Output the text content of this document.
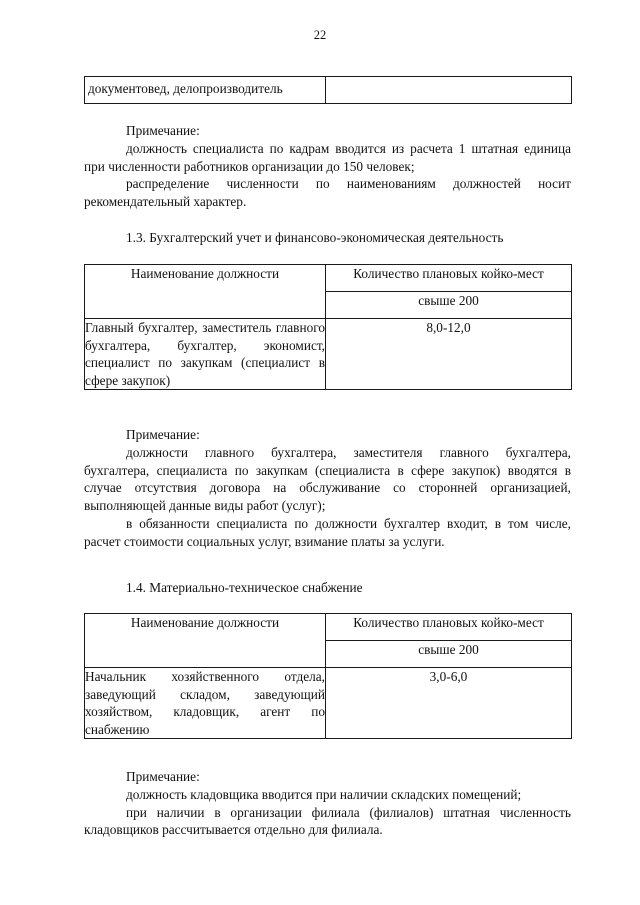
22
документовед, делопроизводитель	

Примечание:

должность специалиста по кадрам вводится из расчета 1 штатная единица при численности работников организации до 150 человек;

распределение численности по наименованиям должностей носит рекомендательный характер.

1.3. Бухгалтерский учет и финансово-экономическая деятельность
Наименование должности	Количество плановых койко-мест
	свыше 200
Главный бухгалтер, заместитель главного бухгалтера, бухгалтер, экономист, специалист по закупкам (специалист в сфере закупок)	8,0-12,0

Примечание:

должности главного бухгалтера, заместителя главного бухгалтера, бухгалтера, специалиста по закупкам (специалиста в сфере закупок) вводятся в случае отсутствия договора на обслуживание со сторонней организацией, выполняющей данные виды работ (услуг);

в обязанности специалиста по должности бухгалтер входит, в том числе, расчет стоимости социальных услуг, взимание платы за услуги.

1.4. Материально-техническое снабжение
Наименование должности	Количество плановых койко-мест
	свыше 200
Начальник хозяйственного отдела, заведующий складом, заведующий хозяйством, кладовщик, агент по снабжению	3,0-6,0

Примечание:

должность кладовщика вводится при наличии складских помещений;

при наличии в организации филиала (филиалов) штатная численность кладовщиков рассчитывается отдельно для филиала.
